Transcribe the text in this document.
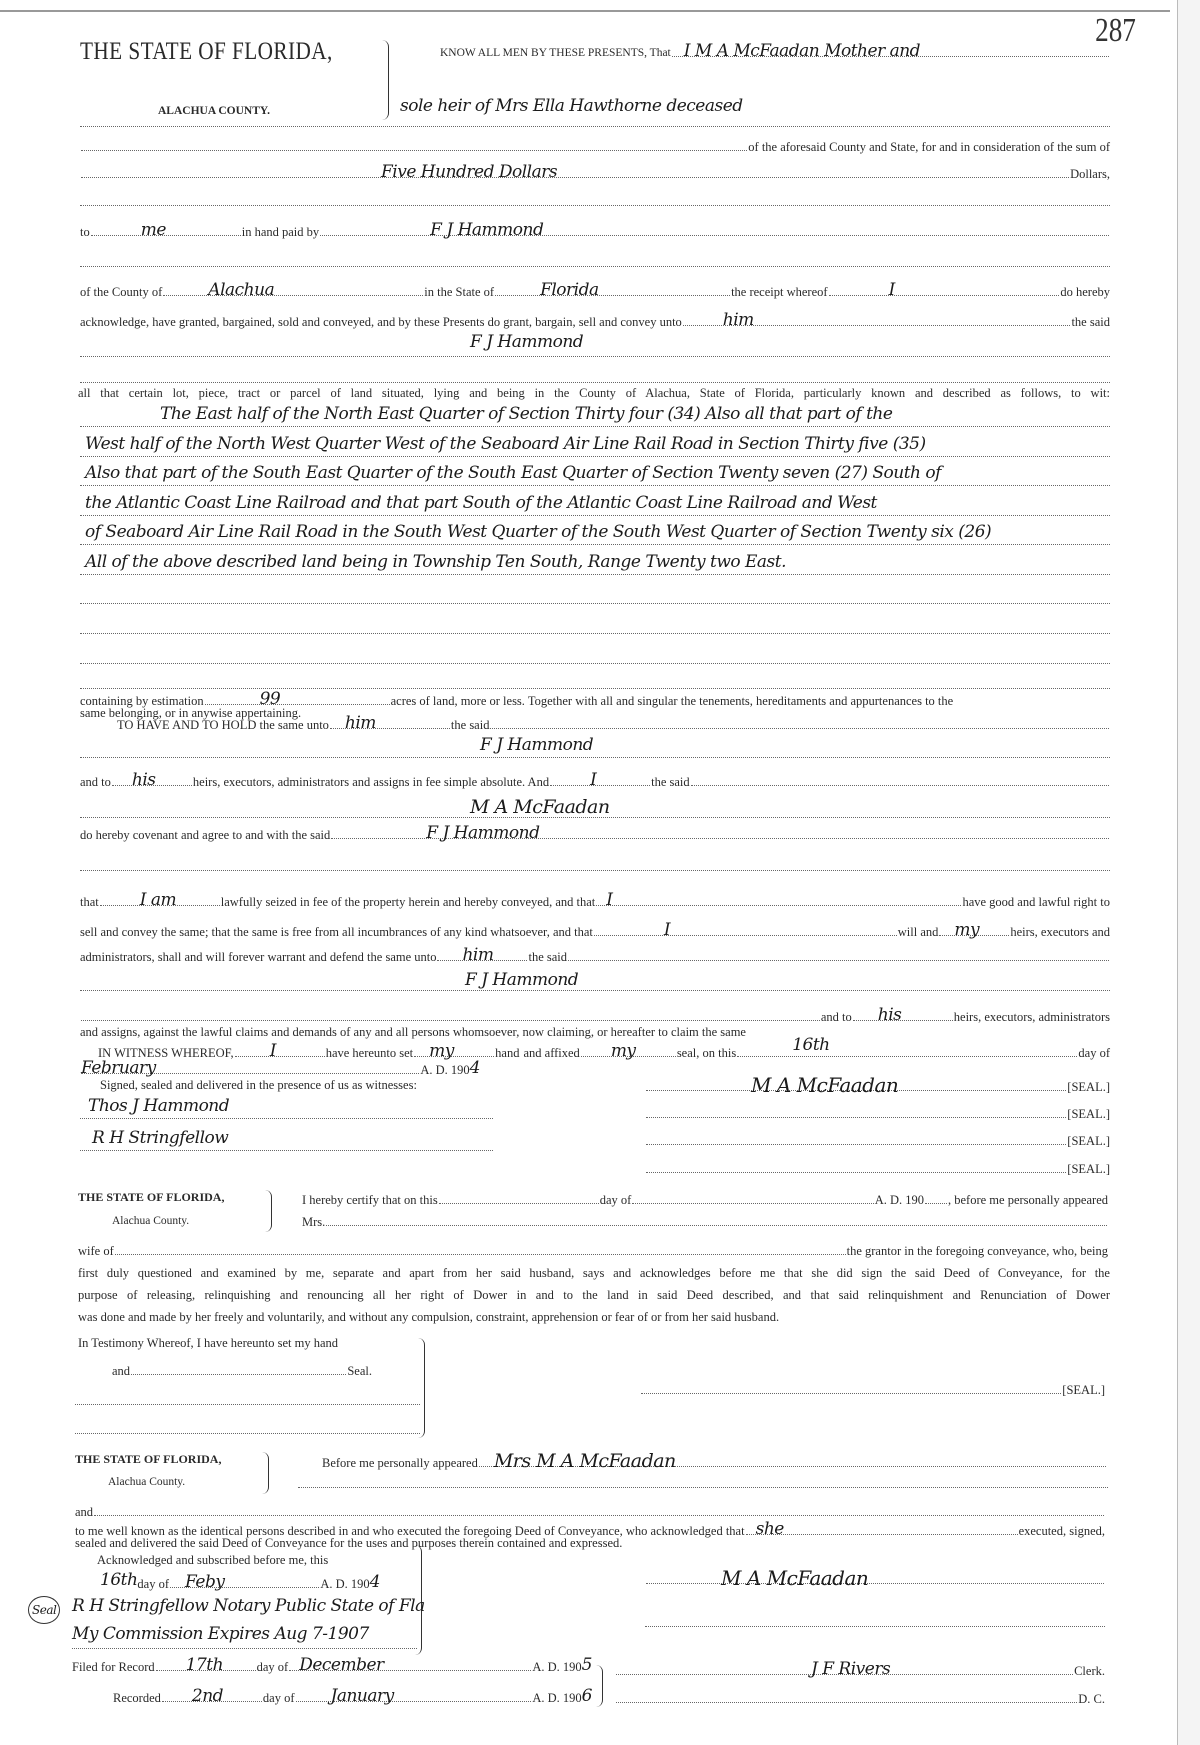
287
THE STATE OF FLORIDA,
ALACHUA COUNTY.
KNOW ALL MEN BY THESE PRESENTS, That I M A McFaadan Mother and
sole heir of Mrs Ella Hawthorne deceased
of the aforesaid County and State, for and in consideration of the sum of
Five Hundred Dollars	Dollars,
to	me	in hand paid by	F J Hammond
of the County of	Alachua	in the State of	Florida	the receipt whereof	I	do hereby
acknowledge, have granted, bargained, sold and conveyed, and by these Presents do grant, bargain, sell and convey unto him	the said
F J Hammond
all that certain lot, piece, tract or parcel of land situated, lying and being in the County of Alachua, State of Florida, particularly known and described as follows, to wit:
The East half of the North East Quarter of Section Thirty four (34) Also all that part of the
West half of the North West Quarter West of the Seaboard Air Line Rail Road in Section Thirty five (35)
Also that part of the South East Quarter of the South East Quarter of Section Twenty seven (27) South of
the Atlantic Coast Line Railroad and that part South of the Atlantic Coast Line Railroad and West
of Seaboard Air Line Rail Road in the South West Quarter of the South West Quarter of Section Twenty six (26)
All of the above described land being in Township Ten South, Range Twenty two East.
containing by estimation	99	acres of land, more or less. Together with all and singular the tenements, hereditaments and appurtenances to the
same belonging, or in anywise appertaining.
TO HAVE AND TO HOLD the same unto him	the said
F J Hammond
and to his	heirs, executors, administrators and assigns in fee simple absolute. And I	the said
M A McFaadan
do hereby covenant and agree to and with the said	F J Hammond
that I am	lawfully seized in fee of the property herein and hereby conveyed, and that I	have good and lawful right to
sell and convey the same; that the same is free from all incumbrances of any kind whatsoever, and that	I	will and my	heirs, executors and
administrators, shall and will forever warrant and defend the same unto him	the said
F J Hammond
and to his	heirs, executors, administrators
and assigns, against the lawful claims and demands of any and all persons whomsoever, now claiming, or hereafter to claim the same
IN WITNESS WHEREOF, I	have hereunto set my	hand and affixed my	seal , on this	16th	day of
February	A. D. 190 4
Signed, sealed and delivered in the presence of us as witnesses:	M A McFaadan	[SEAL.]
[SEAL.]
[SEAL.]
[SEAL.]
Thos J Hammond
R H Stringfellow
THE STATE OF FLORIDA,
Alachua County.
I hereby certify that on this	day of	A. D. 190 , before me personally appeared
Mrs.
wife of	the grantor in the foregoing conveyance, who, being
first duly questioned and examined by me, separate and apart from her said husband, says and acknowledges before me that she did sign the said Deed of Conveyance, for the
purpose of releasing, relinquishing and renouncing all her right of Dower in and to the land in said Deed described, and that said relinquishment and Renunciation of Dower
was done and made by her freely and voluntarily, and without any compulsion, constraint, apprehension or fear of or from her said husband.
In Testimony Whereof, I have hereunto set my hand
and	Seal.
[SEAL.]
THE STATE OF FLORIDA,
Alachua County.
Before me personally appeared Mrs M A McFaadan
and
to me well known as the identical persons described in and who executed the foregoing Deed of Conveyance, who acknowledged that she	executed, signed,
sealed and delivered the said Deed of Conveyance for the uses and purposes therein contained and expressed.
Acknowledged and subscribed before me, this
16th day of Feby	A. D. 190 4
Seal R H Stringfellow Notary Public State of Fla
My Commission Expires Aug 7-1907
M A McFaadan
Filed for Record 17th	day of December	A. D. 190 5
Recorded 2nd	day of January	A. D. 190 6
J F Rivers	Clerk.
D. C.
